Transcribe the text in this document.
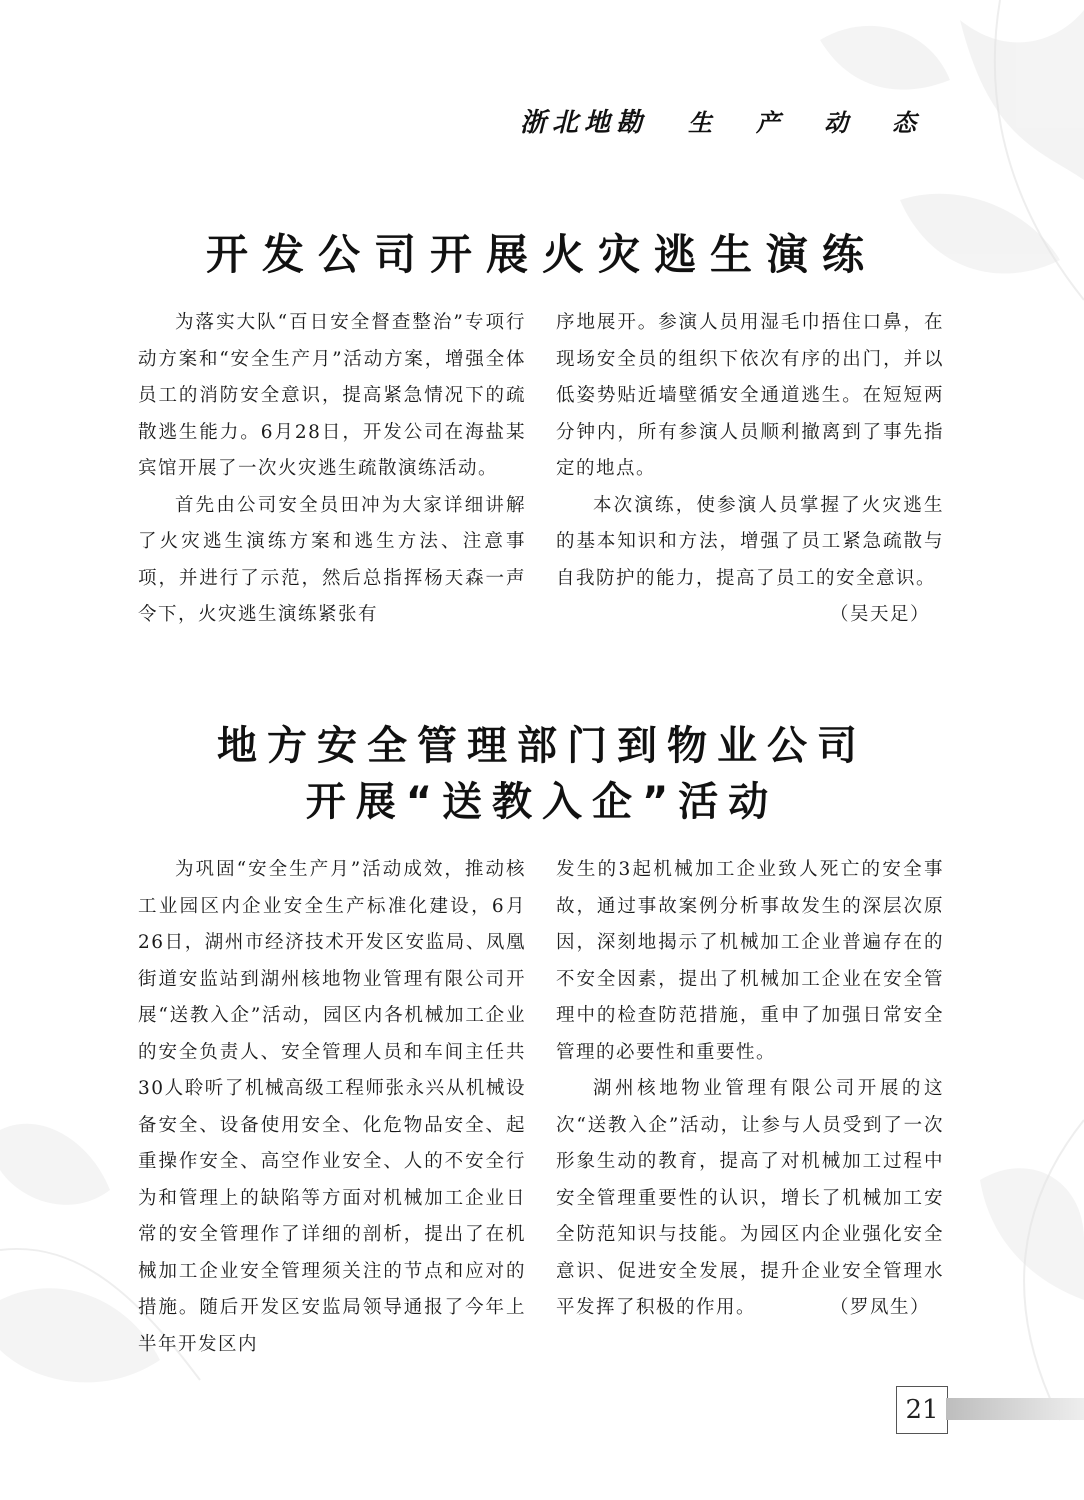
浙北地勘 生 产 动 态
开发公司开展火灾逃生演练

为落实大队“百日安全督查整治”专项行动方案和“安全生产月”活动方案，增强全体员工的消防安全意识，提高紧急情况下的疏散逃生能力。6月28日，开发公司在海盐某宾馆开展了一次火灾逃生疏散演练活动。

首先由公司安全员田冲为大家详细讲解了火灾逃生演练方案和逃生方法、注意事项，并进行了示范，然后总指挥杨天森一声令下，火灾逃生演练紧张有

序地展开。参演人员用湿毛巾捂住口鼻，在现场安全员的组织下依次有序的出门，并以低姿势贴近墙壁循安全通道逃生。在短短两分钟内，所有参演人员顺利撤离到了事先指定的地点。

本次演练，使参演人员掌握了火灾逃生的基本知识和方法，增强了员工紧急疏散与自我防护的能力，提高了员工的安全意识。
（吴天足）

地方安全管理部门到物业公司
开展“送教入企”活动

为巩固“安全生产月”活动成效，推动核工业园区内企业安全生产标准化建设，6月26日，湖州市经济技术开发区安监局、凤凰街道安监站到湖州核地物业管理有限公司开展“送教入企”活动，园区内各机械加工企业的安全负责人、安全管理人员和车间主任共30人聆听了机械高级工程师张永兴从机械设备安全、设备使用安全、化危物品安全、起重操作安全、高空作业安全、人的不安全行为和管理上的缺陷等方面对机械加工企业日常的安全管理作了详细的剖析，提出了在机械加工企业安全管理须关注的节点和应对的措施。随后开发区安监局领导通报了今年上半年开发区内

发生的3起机械加工企业致人死亡的安全事故，通过事故案例分析事故发生的深层次原因，深刻地揭示了机械加工企业普遍存在的不安全因素，提出了机械加工企业在安全管理中的检查防范措施，重申了加强日常安全管理的必要性和重要性。

湖州核地物业管理有限公司开展的这次“送教入企”活动，让参与人员受到了一次形象生动的教育，提高了对机械加工过程中安全管理重要性的认识，增长了机械加工安全防范知识与技能。为园区内企业强化安全意识、促进安全发展，提升企业安全管理水平发挥了积极的作用。	（罗凤生）

21
